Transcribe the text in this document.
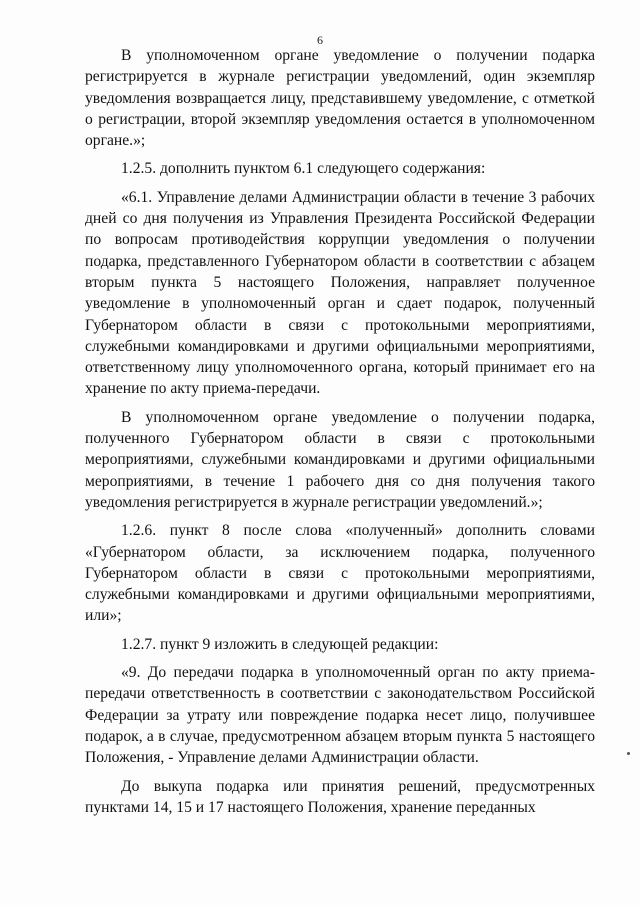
6

В уполномоченном органе уведомление о получении подарка регистрируется в журнале регистрации уведомлений, один экземпляр уведомления возвращается лицу, представившему уведомление, с отметкой о регистрации, второй экземпляр уведомления остается в уполномоченном органе.»;

1.2.5. дополнить пунктом 6.1 следующего содержания:

«6.1. Управление делами Администрации области в течение 3 рабочих дней со дня получения из Управления Президента Российской Федерации по вопросам противодействия коррупции уведомления о получении подарка, представленного Губернатором области в соответствии с абзацем вторым пункта 5 настоящего Положения, направляет полученное уведомление в уполномоченный орган и сдает подарок, полученный Губернатором области в связи с протокольными мероприятиями, служебными командировками и другими официальными мероприятиями, ответственному лицу уполномоченного органа, который принимает его на хранение по акту приема-передачи.

В уполномоченном органе уведомление о получении подарка, полученного Губернатором области в связи с протокольными мероприятиями, служебными командировками и другими официальными мероприятиями, в течение 1 рабочего дня со дня получения такого уведомления регистрируется в журнале регистрации уведомлений.»;

1.2.6. пункт 8 после слова «полученный» дополнить словами «Губернатором области, за исключением подарка, полученного Губернатором области в связи с протокольными мероприятиями, служебными командировками и другими официальными мероприятиями, или»;

1.2.7. пункт 9 изложить в следующей редакции:

«9. До передачи подарка в уполномоченный орган по акту приема-передачи ответственность в соответствии с законодательством Российской Федерации за утрату или повреждение подарка несет лицо, получившее подарок, а в случае, предусмотренном абзацем вторым пункта 5 настоящего Положения, - Управление делами Администрации области.

До выкупа подарка или принятия решений, предусмотренных пунктами 14, 15 и 17 настоящего Положения, хранение переданных
